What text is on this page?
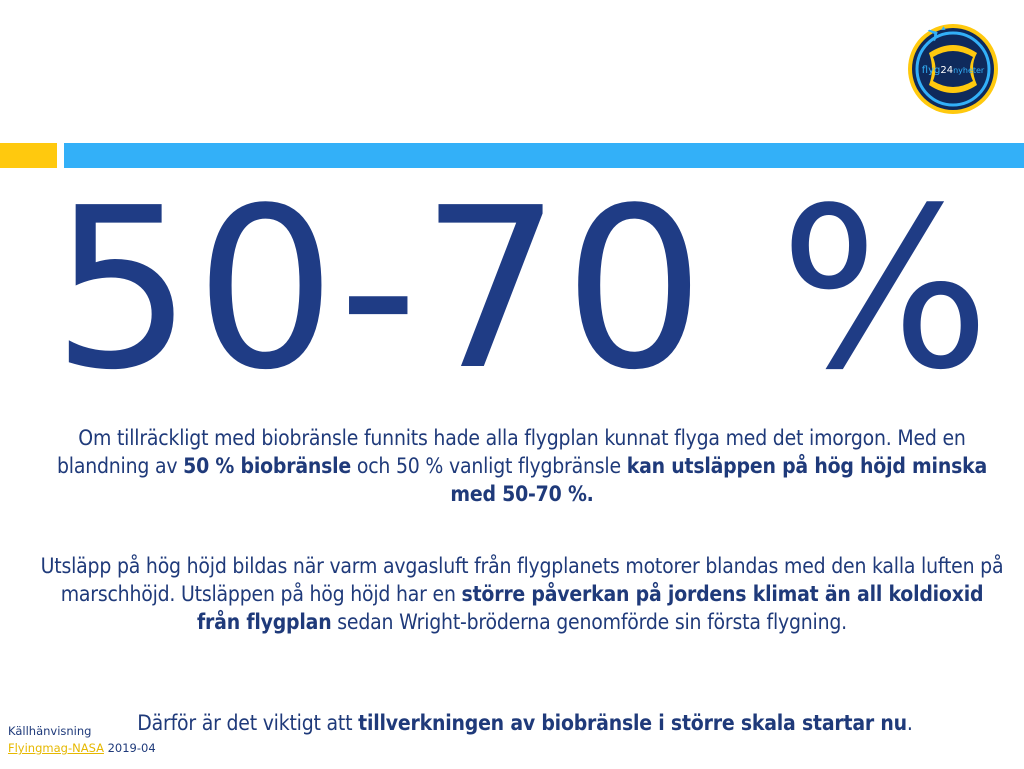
flyg24nyheter
50-70 %
Om tillräckligt med biobränsle funnits hade alla flygplan kunnat flyga med det imorgon. Med en blandning av 50 % biobränsle och 50 % vanligt flygbränsle kan utsläppen på hög höjd minska med 50-70 %.
Utsläpp på hög höjd bildas när varm avgasluft från flygplanets motorer blandas med den kalla luften på marschhöjd. Utsläppen på hög höjd har en större påverkan på jordens klimat än all koldioxid från flygplan sedan Wright-bröderna genomförde sin första flygning.
Därför är det viktigt att tillverkningen av biobränsle i större skala startar nu.
Källhänvisning
Flyingmag-NASA 2019-04
